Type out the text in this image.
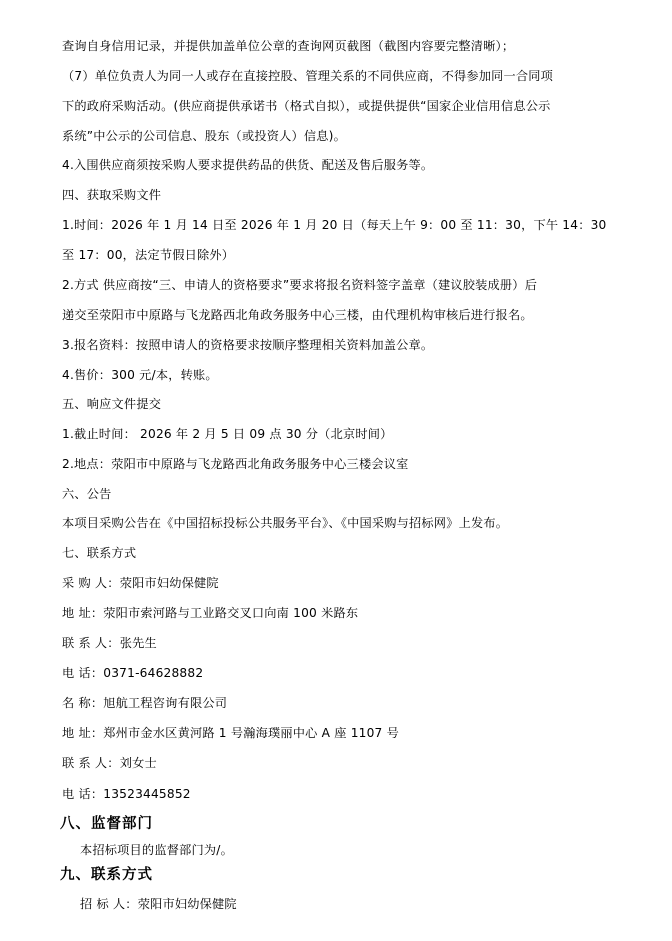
查询自身信用记录，并提供加盖单位公章的查询网页截图（截图内容要完整清晰）；
（7）单位负责人为同一人或存在直接控股、管理关系的不同供应商，不得参加同一合同项
下的政府采购活动。(供应商提供承诺书（格式自拟），或提供提供“国家企业信用信息公示
系统”中公示的公司信息、股东（或投资人）信息)。
4.入围供应商须按采购人要求提供药品的供货、配送及售后服务等。
四、获取采购文件
1.时间：2026 年 1 月 14 日至 2026 年 1 月 20 日（每天上午 9：00 至 11：30，下午 14：30
至 17：00，法定节假日除外）
2.方式 供应商按“三、申请人的资格要求”要求将报名资料签字盖章（建议胶装成册）后
递交至荥阳市中原路与飞龙路西北角政务服务中心三楼，由代理机构审核后进行报名。
3.报名资料：按照申请人的资格要求按顺序整理相关资料加盖公章。
4.售价：300 元/本，转账。
五、响应文件提交
1.截止时间： 2026 年 2 月 5 日 09 点 30 分（北京时间）
2.地点：荥阳市中原路与飞龙路西北角政务服务中心三楼会议室
六、公告
本项目采购公告在《中国招标投标公共服务平台》、《中国采购与招标网》上发布。
七、联系方式
采 购 人：荥阳市妇幼保健院
地 址：荥阳市索河路与工业路交叉口向南 100 米路东
联 系 人：张先生
电 话：0371-64628882
名 称：旭航工程咨询有限公司
地 址：郑州市金水区黄河路 1 号瀚海璞丽中心 A 座 1107 号
联 系 人：刘女士
电 话：13523445852
八、监督部门
本招标项目的监督部门为/。
九、联系方式
招 标 人：荥阳市妇幼保健院
